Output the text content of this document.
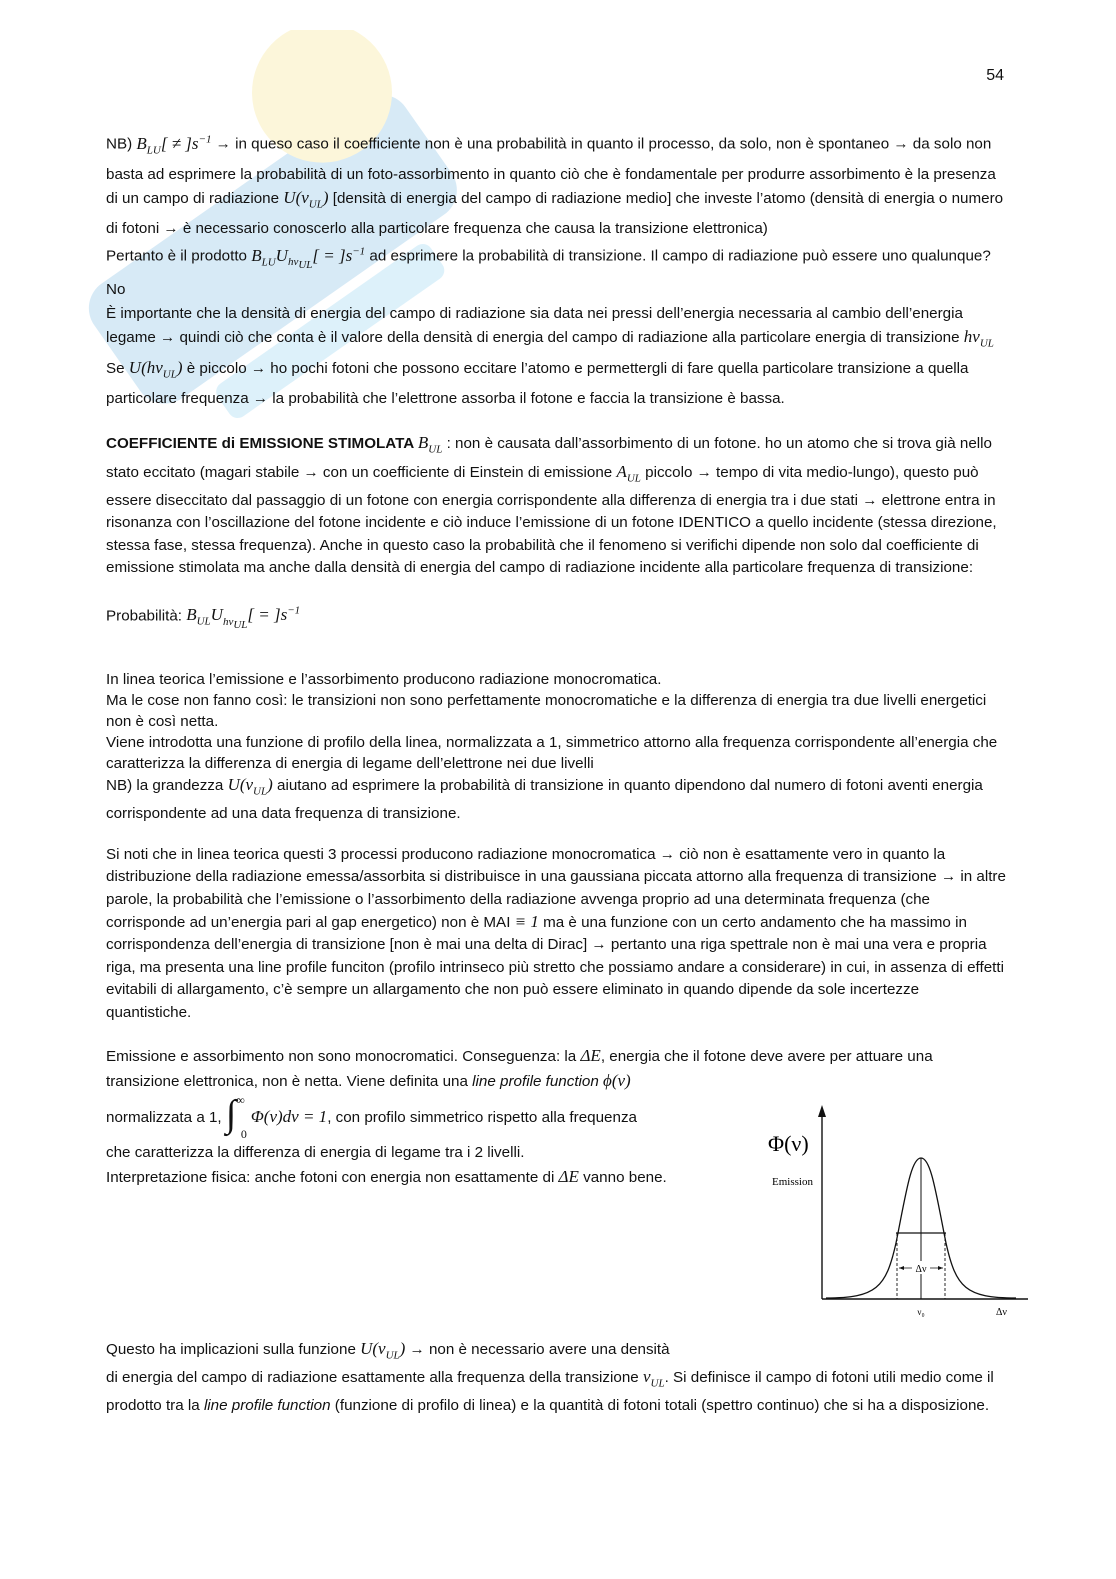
54

NB) $B_{LU}[ \ne ]s^{-1}$ → in queso caso il coefficiente non è una probabilità in quanto il processo, da solo, non è spontaneo → da solo non basta ad esprimere la probabilità di un foto-assorbimento in quanto ciò che è fondamentale per produrre assorbimento è la presenza di un campo di radiazione $U(\nu_{UL})$ [densità di energia del campo di radiazione medio] che investe l’atomo (densità di energia o numero di fotoni → è necessario conoscerlo alla particolare frequenza che causa la transizione elettronica)

Pertanto è il prodotto $B_{LU}U_{h\nu_{UL}}[ = ]s^{-1}$ ad esprimere la probabilità di transizione. Il campo di radiazione può essere uno qualunque? No

È importante che la densità di energia del campo di radiazione sia data nei pressi dell’energia necessaria al cambio dell’energia legame → quindi ciò che conta è il valore della densità di energia del campo di radiazione alla particolare energia di transizione $h\nu_{UL}$

Se $U(h\nu_{UL})$ è piccolo → ho pochi fotoni che possono eccitare l’atomo e permettergli di fare quella particolare transizione a quella particolare frequenza → la probabilità che l’elettrone assorba il fotone e faccia la transizione è bassa.

COEFFICIENTE di EMISSIONE STIMOLATA $B_{UL}$ : non è causata dall’assorbimento di un fotone. ho un atomo che si trova già nello stato eccitato (magari stabile → con un coefficiente di Einstein di emissione $A_{UL}$ piccolo → tempo di vita medio-lungo), questo può essere diseccitato dal passaggio di un fotone con energia corrispondente alla differenza di energia tra i due stati → elettrone entra in risonanza con l’oscillazione del fotone incidente e ciò induce l’emissione di un fotone IDENTICO a quello incidente (stessa direzione, stessa fase, stessa frequenza). Anche in questo caso la probabilità che il fenomeno si verifichi dipende non solo dal coefficiente di emissione stimolata ma anche dalla densità di energia del campo di radiazione incidente alla particolare frequenza di transizione:

Probabilità: $B_{UL}U_{h\nu_{UL}}[ = ]s^{-1}$

In linea teorica l’emissione e l’assorbimento producono radiazione monocromatica.
Ma le cose non fanno così: le transizioni non sono perfettamente monocromatiche e la differenza di energia tra due livelli energetici non è così netta.
Viene introdotta una funzione di profilo della linea, normalizzata a 1, simmetrico attorno alla frequenza corrispondente all’energia che caratterizza la differenza di energia di legame dell’elettrone nei due livelli
NB) la grandezza $U(\nu_{UL})$ aiutano ad esprimere la probabilità di transizione in quanto dipendono dal numero di fotoni aventi energia corrispondente ad una data frequenza di transizione.

Si noti che in linea teorica questi 3 processi producono radiazione monocromatica → ciò non è esattamente vero in quanto la distribuzione della radiazione emessa/assorbita si distribuisce in una gaussiana piccata attorno alla frequenza di transizione → in altre parole, la probabilità che l’emissione o l’assorbimento della radiazione avvenga proprio ad una determinata frequenza (che corrisponde ad un’energia pari al gap energetico) non è MAI ≡ 1 ma è una funzione con un certo andamento che ha massimo in corrispondenza dell’energia di transizione [non è mai una delta di Dirac] → pertanto una riga spettrale non è mai una vera e propria riga, ma presenta una line profile funciton (profilo intrinseco più stretto che possiamo andare a considerare) in cui, in assenza di effetti evitabili di allargamento, c’è sempre un allargamento che non può essere eliminato in quando dipende da sole incertezze quantistiche.

Emissione e assorbimento non sono monocromatici. Conseguenza: la ΔE, energia che il fotone deve avere per attuare una transizione elettronica, non è netta. Viene definita una line profile function ϕ(ν)
normalizzata a 1, $\int^\infty_0\Phi(\nu)d\nu = 1$, con profilo simmetrico rispetto alla frequenza
che caratterizza la differenza di energia di legame tra i 2 livelli.
Interpretazione fisica: anche fotoni con energia non esattamente di ΔE vanno bene.
Questo ha implicazioni sulla funzione $U(\nu_{UL})$ → non è necessario avere una densità
di energia del campo di radiazione esattamente alla frequenza della transizione $\nu_{UL}$. Si definisce il campo di fotoni utili medio come il prodotto tra la line profile function (funzione di profilo di linea) e la quantità di fotoni totali (spettro continuo) che si ha a disposizione.
Δν
Φ(ν)
Emission
ν₀	Δν
